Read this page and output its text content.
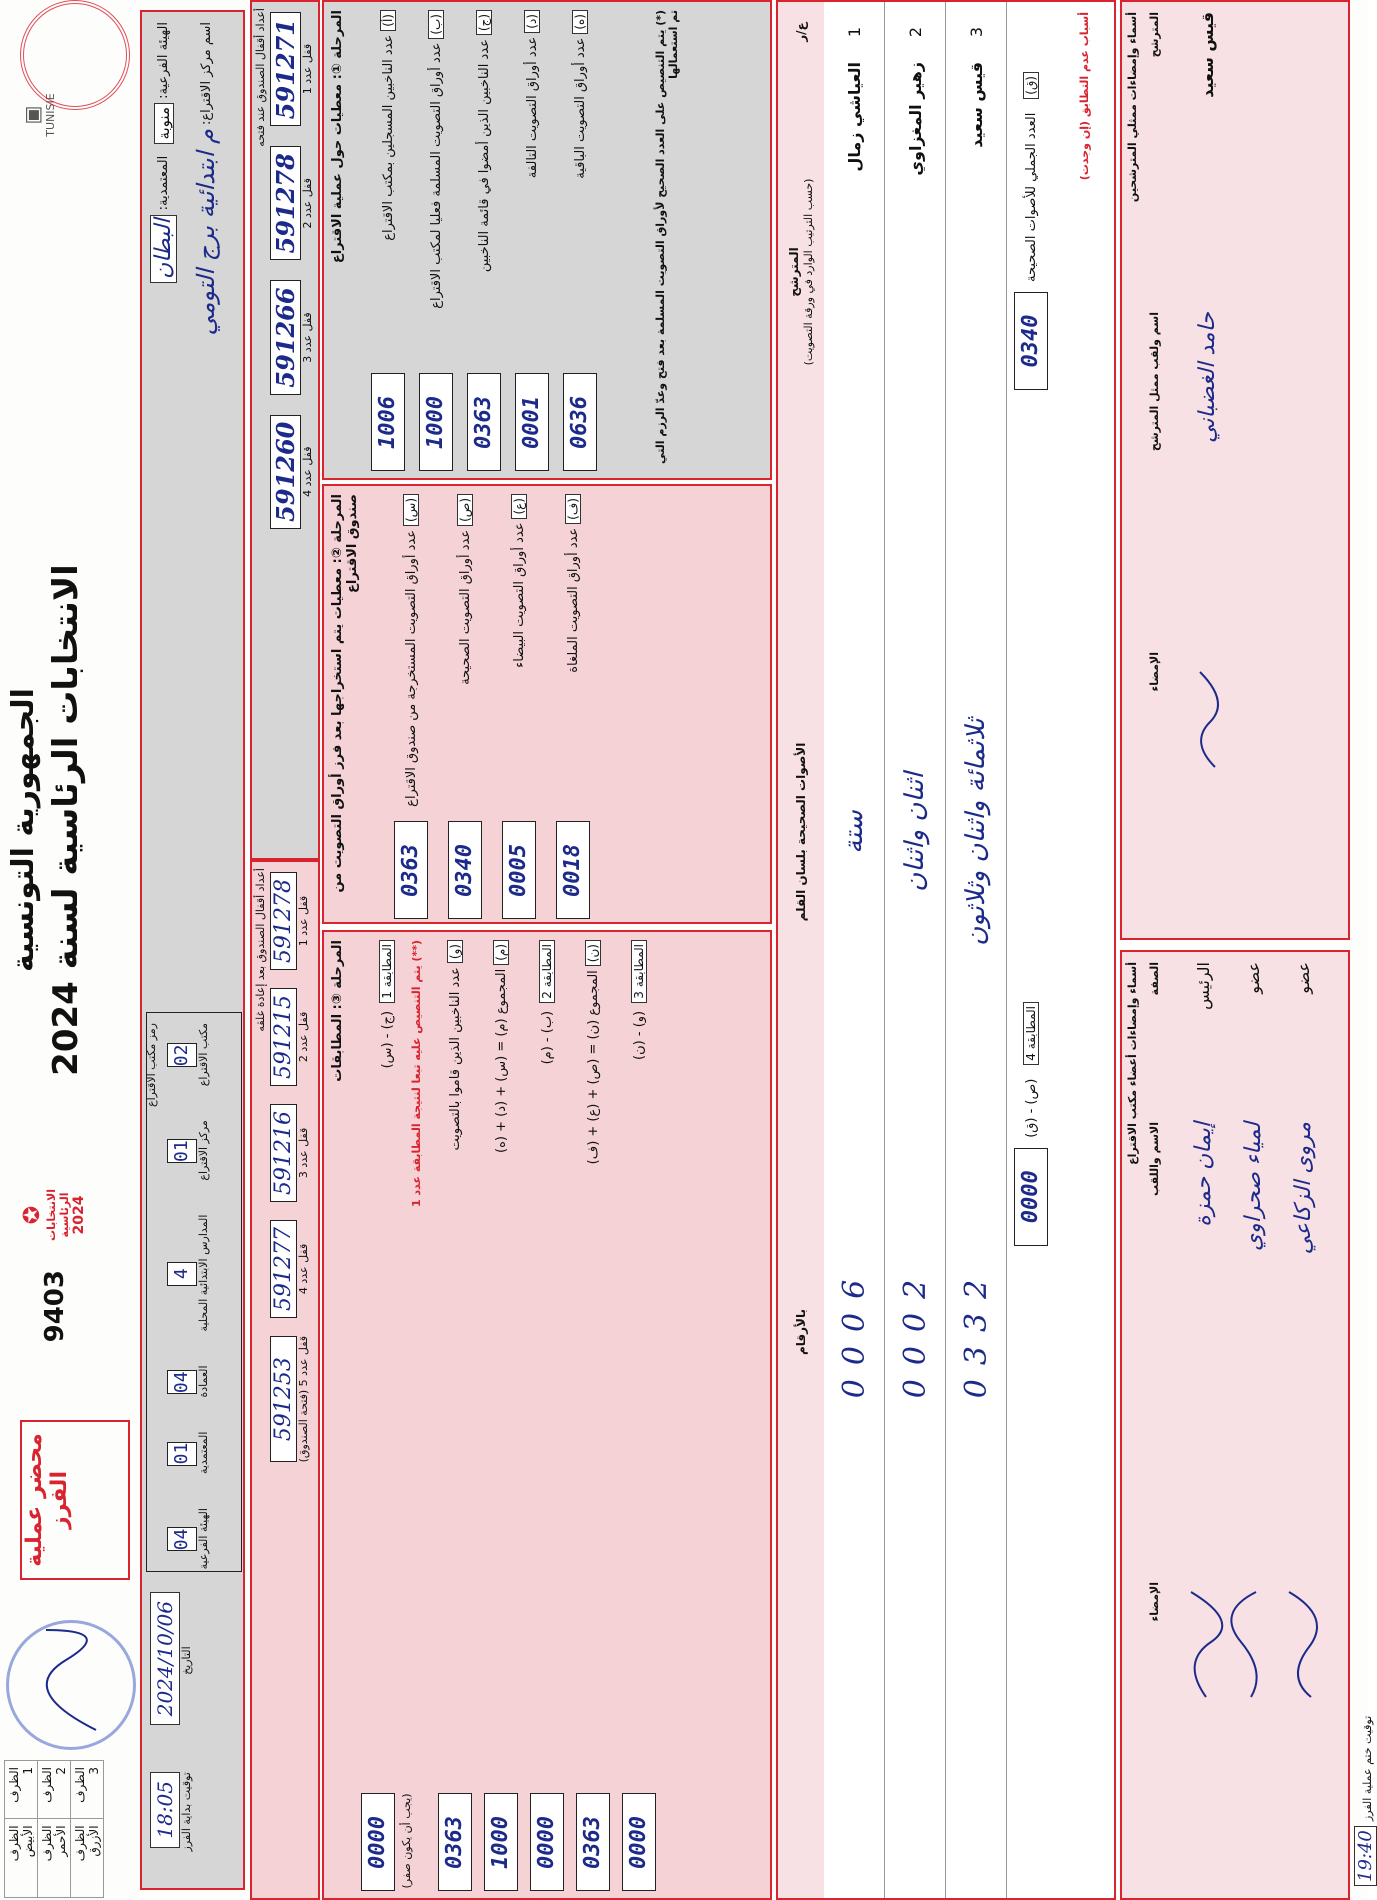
الجمهورية التونسية
الانتخابات الرئاسية لسنة 2024
✪ الانتخابات الرئاسية 2024
9403
▣ TUNISIE
محضر عملية الفرز
الظرف 1	الظرف الأبيض
الظرف 2	الظرف الأحمر
الظرف 3	الظرف الأزرق
الهيئة الفرعية
:
منوبة

المعتمدية
:
البطان
اسم مركز الاقتراع
:
م ابتدائية برج التومي
رمز مكتب الاقتراع 02 مكتب الاقتراع
01 مركز الاقتراع
4 المدارس الابتدائية المحلية
04 العمادة
01 المعتمدية
04 الهيئة الفرعية
2024/10/06 التاريخ
18:05 توقيت بداية الفرز
أعداد أقفال الصندوق عند فتحه 591271 قفل عدد 1
591278 قفل عدد 2
591266 قفل عدد 3
591260 قفل عدد 4
أعداد أقفال الصندوق بعد إعادة غلقه 591278 قفل عدد 1
591215 قفل عدد 2
591216 قفل عدد 3
591277 قفل عدد 4
591253 قفل عدد 5 (فتحة الصندوق)
المرحلة ①: معطيات حول عملية الاقتراع	(أ)عدد الناخبين المسجلين بمكتب الاقتراع
1006
(ب)عدد أوراق التصويت المسلمة فعليا لمكتب الاقتراع
1000
(ج)عدد الناخبين الذين أمضوا في قائمة الناخبين
0363
(د)عدد أوراق التصويت التالفة
0001
(ه)عدد أوراق التصويت الباقية
0636	(*) يتم التنصيص على العدد الصحيح لأوراق التصويت المسلمة بعد فتح وعدّ الرزم التي تم استعمالها
المرحلة ②: معطيات يتم استخراجها بعد فرز أوراق التصويت من صندوق الاقتراع	(س)عدد أوراق التصويت المستخرجة من صندوق الاقتراع
0363
(ص)عدد أوراق التصويت الصحيحة
0340
(ع)عدد أوراق التصويت البيضاء
0005
(ف)عدد أوراق التصويت الملغاة
0018
المرحلة ③: المطابقات	المطابقة 1 (ج) - (س)
0000 (يجب أن يكون صفر)
(**) يتم التنصيص عليه تبعا لنتيجة المطابقة عدد 1	(و)عدد الناخبين الذين قاموا بالتصويت
0363
(م)المجموع (م) = (س) + (د) + (ه)
1000
المطابقة 2 (ب) - (م)
0000
(ن)المجموع (ن) = (ص) + (ع) + (ف)
0363
المطابقة 3 (و) - (ن)
0000
ع/ر
المترشح
(حسب الترتيب الوارد في ورقة التصويت)
الأصوات الصحيحة بلسان القلم
بالأرقام
1
العياشي زمال
ستة
0006
2
زهير المغزاوي
اثنان واثنان
0002
3
قيس سعيد
ثلاثمائة واثنان وثلاثون
0332
(ق)
العدد الجملي للأصوات الصحيحة
0340
المطابقة 4
(ص) - (ق)
0000
أسباب عدم التطابق (إن وجدت)	أسماء وإمضاءات ممثلي المترشحين المترشح
اسم ولقب ممثل المترشح
الإمضاء
قيس سعيد
حامد الغضباني
أسماء وإمضاءات أعضاء مكتب الاقتراع الصفة
الاسم واللقب
الإمضاء
الرئيس
إيمان حمزة
عضو
لمياء صحراوي
عضو
مروى الزكاعي
توقيت ختم عملية الفرز 19:40
